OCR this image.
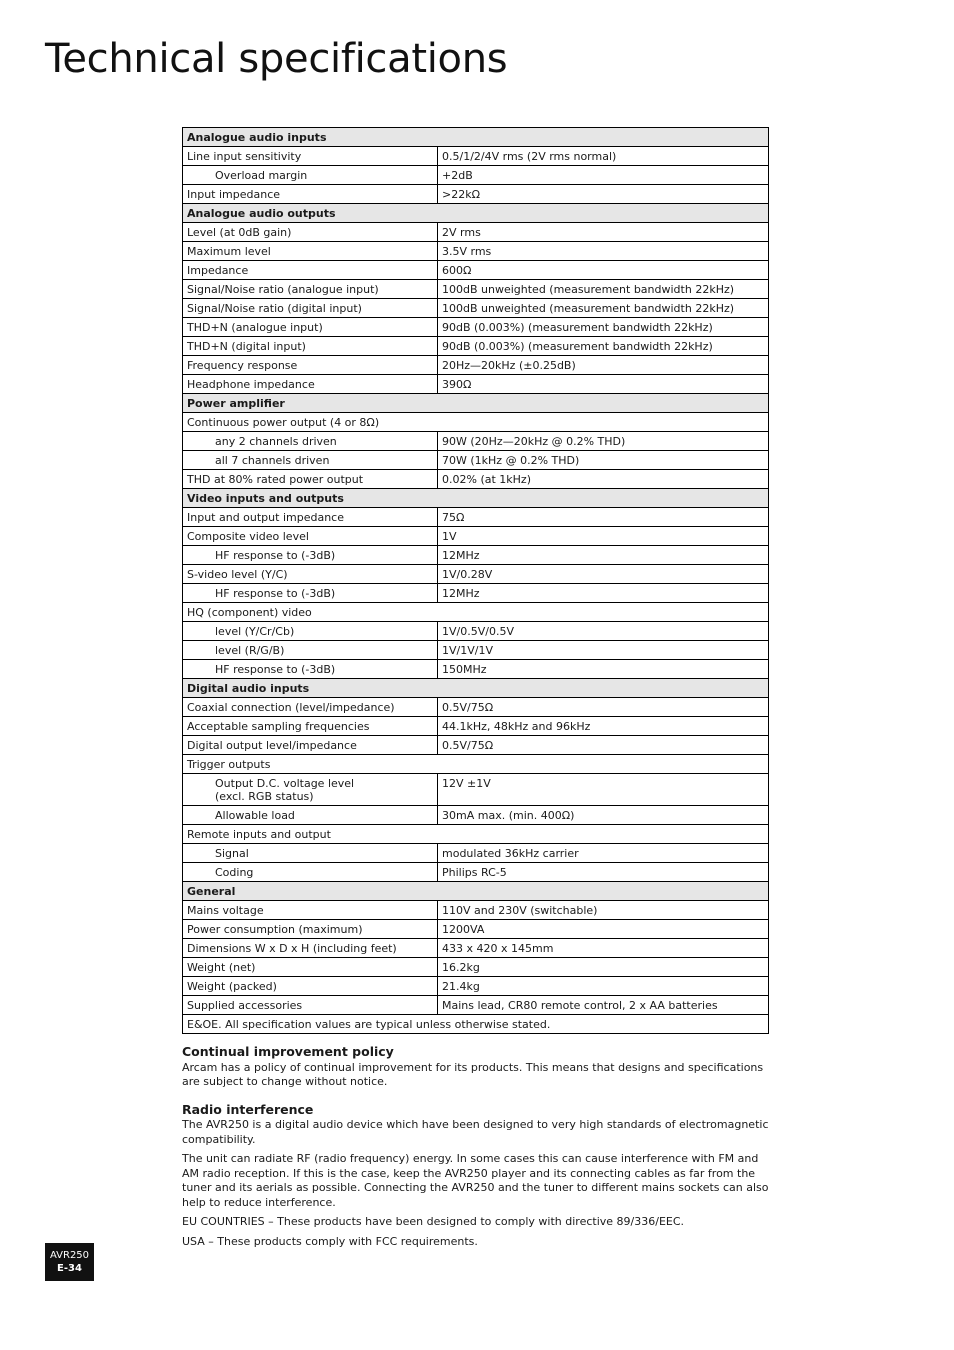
Technical specifications
Analogue audio inputs	
Line input sensitivity	0.5/1/2/4V rms (2V rms normal)
Overload margin	+2dB
Input impedance	>22kΩ
Analogue audio outputs	
Level (at 0dB gain)	2V rms
Maximum level	3.5V rms
Impedance	600Ω
Signal/Noise ratio (analogue input)	100dB unweighted (measurement bandwidth 22kHz)
Signal/Noise ratio (digital input)	100dB unweighted (measurement bandwidth 22kHz)
THD+N (analogue input)	90dB (0.003%) (measurement bandwidth 22kHz)
THD+N (digital input)	90dB (0.003%) (measurement bandwidth 22kHz)
Frequency response	20Hz—20kHz (±0.25dB)
Headphone impedance	390Ω
Power amplifier	
Continuous power output (4 or 8Ω)	
any 2 channels driven	90W (20Hz—20kHz @ 0.2% THD)
all 7 channels driven	70W (1kHz @ 0.2% THD)
THD at 80% rated power output	0.02% (at 1kHz)
Video inputs and outputs	
Input and output impedance	75Ω
Composite video level	1V
HF response to (-3dB)	12MHz
S-video level (Y/C)	1V/0.28V
HF response to (-3dB)	12MHz
HQ (component) video	
level (Y/Cr/Cb)	1V/0.5V/0.5V
level (R/G/B)	1V/1V/1V
HF response to (-3dB)	150MHz
Digital audio inputs	
Coaxial connection (level/impedance)	0.5V/75Ω
Acceptable sampling frequencies	44.1kHz, 48kHz and 96kHz
Digital output level/impedance	0.5V/75Ω
Trigger outputs	
Output D.C. voltage level
(excl. RGB status)	12V ±1V
Allowable load	30mA max. (min. 400Ω)
Remote inputs and output	
Signal	modulated 36kHz carrier
Coding	Philips RC-5
General	
Mains voltage	110V and 230V (switchable)
Power consumption (maximum)	1200VA
Dimensions W x D x H (including feet)	433 x 420 x 145mm
Weight (net)	16.2kg
Weight (packed)	21.4kg
Supplied accessories	Mains lead, CR80 remote control, 2 x AA batteries
E&OE. All specification values are typical unless otherwise stated.	
Continual improvement policy

Arcam has a policy of continual improvement for its products. This means that designs and specifications are subject to change without notice.

Radio interference

The AVR250 is a digital audio device which have been designed to very high standards of electromagnetic compatibility.

The unit can radiate RF (radio frequency) energy. In some cases this can cause interference with FM and AM radio reception. If this is the case, keep the AVR250 player and its connecting cables as far from the tuner and its aerials as possible. Connecting the AVR250 and the tuner to different mains sockets can also help to reduce interference.

EU COUNTRIES – These products have been designed to comply with directive 89/336/EEC.

USA – These products comply with FCC requirements.

AVR250
E-34
